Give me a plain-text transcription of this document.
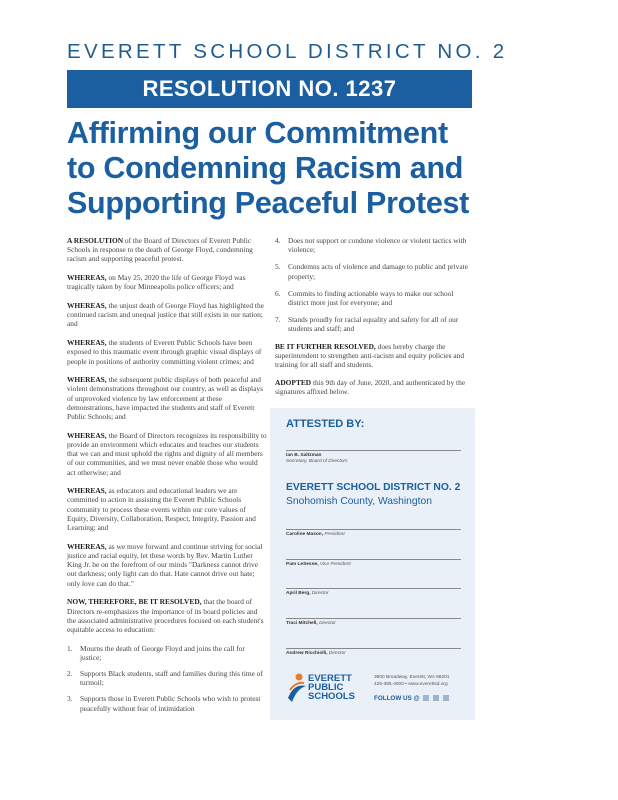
EVERETT SCHOOL DISTRICT NO. 2
RESOLUTION NO. 1237
Affirming our Commitment
to Condemning Racism and
Supporting Peaceful Protest

A RESOLUTION of the Board of Directors of Everett Public Schools in response to the death of George Floyd, condemning racism and supporting peaceful protest.

WHEREAS, on May 25, 2020 the life of George Floyd was tragically taken by four Minneapolis police officers; and

WHEREAS, the unjust death of George Floyd has highlighted the continued racism and unequal justice that still exists in our nation; and

WHEREAS, the students of Everett Public Schools have been exposed to this traumatic event through graphic visual displays of people in positions of authority committing violent crimes; and

WHEREAS, the subsequent public displays of both peaceful and violent demonstrations throughout our country, as well as displays of unprovoked violence by law enforcement at these demonstrations, have impacted the students and staff of Everett Public Schools; and

WHEREAS, the Board of Directors recognizes its responsibility to provide an environment which educates and teaches our students that we can and must uphold the rights and dignity of all members of our communities, and we must never enable those who would act otherwise; and

WHEREAS, as educators and educational leaders we are committed to action in assisting the Everett Public Schools community to process these events within our core values of Equity, Diversity, Collaboration, Respect, Integrity, Passion and Learning; and

WHEREAS, as we move forward and continue striving for social justice and racial equity, let these words by Rev. Martin Luther King Jr. be on the forefront of our minds "Darkness cannot drive out darkness; only light can do that. Hate cannot drive out hate; only love can do that."

NOW, THEREFORE, BE IT RESOLVED, that the board of Directors re-emphasizes the importance of its board policies and the associated administrative procedures focused on each student's equitable access to education:

1. Mourns the death of George Floyd and joins the call for justice;
2. Supports Black students, staff and families during this time of turmoil;
3. Supports those in Everett Public Schools who wish to protest peacefully without fear of intimidation
4. Does not support or condone violence or violent tactics with violence;
5. Condemns acts of violence and damage to public and private property;
6. Commits to finding actionable ways to make our school district more just for everyone; and
7. Stands proudly for racial equality and safety for all of our students and staff; and

BE IT FURTHER RESOLVED, does hereby charge the superintendent to strengthen anti-racism and equity policies and training for all staff and students.

ADOPTED this 9th day of June, 2020, and authenticated by the signatures affixed below.

ATTESTED BY:
Ian B. Saltzman
Secretary, Board of Directors
EVERETT SCHOOL DISTRICT NO. 2
Snohomish County, Washington
Caroline Mason, President
Pam LeSesne, Vice President
April Berg, Director
Traci Mitchell, Director
Andrew Ricchiolli, Director
EVERETT
PUBLIC
SCHOOLS
3900 Broadway, Everett, WA 98201
425-385-4000 • www.everettsd.org
FOLLOW US @
